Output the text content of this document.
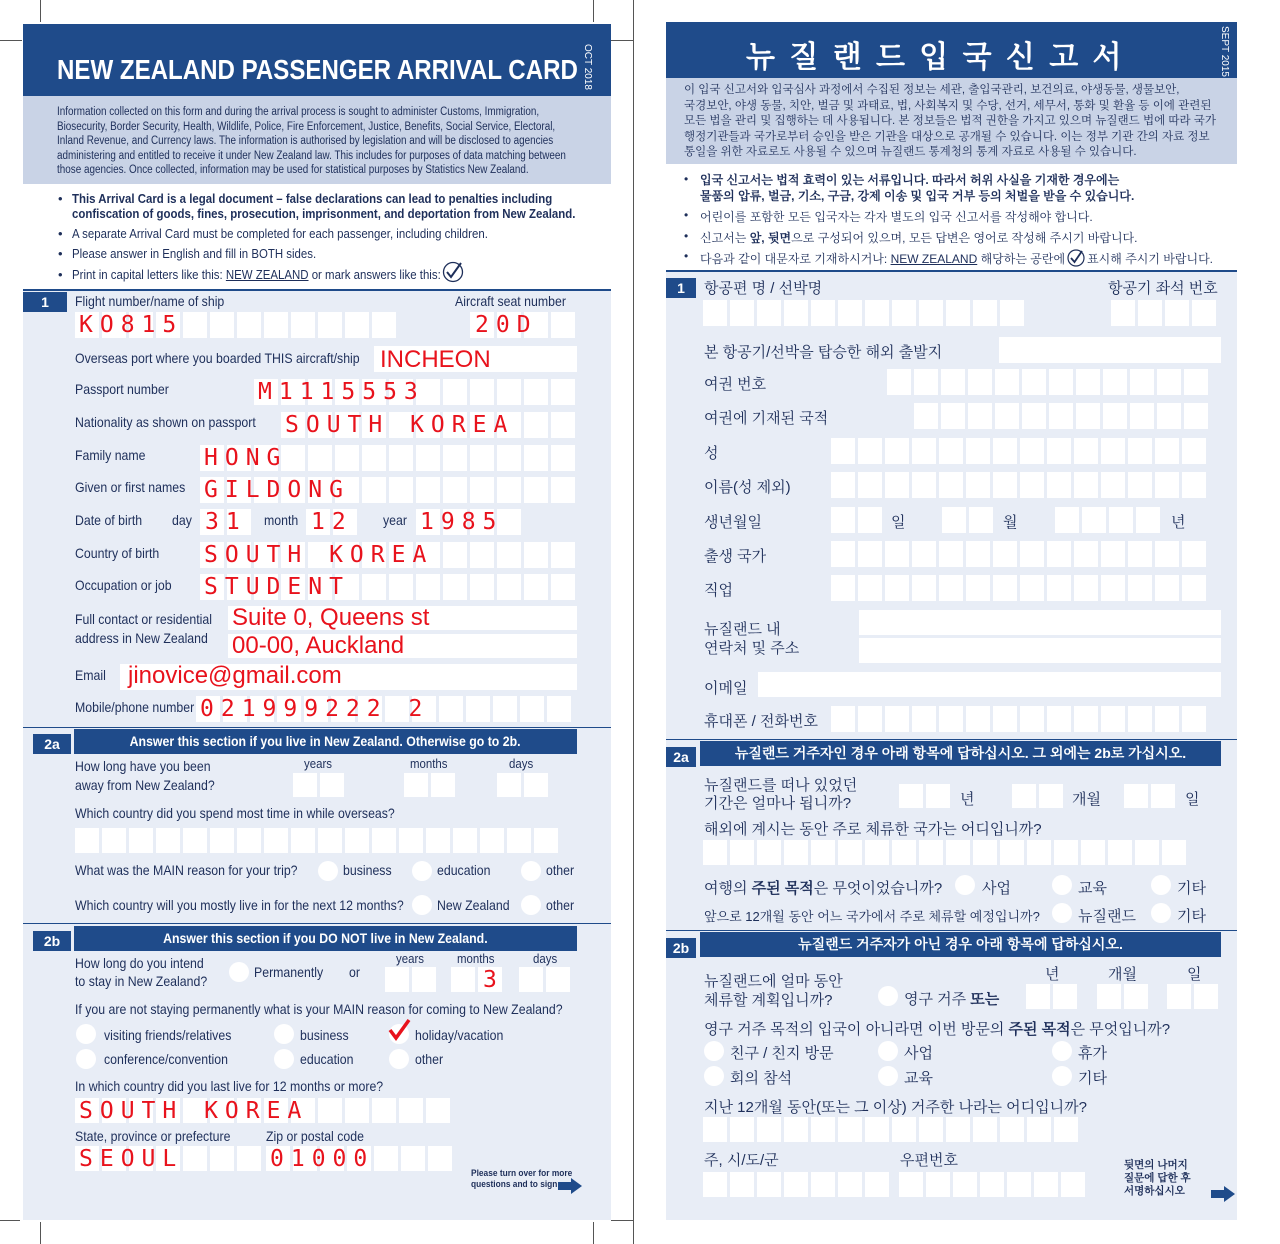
NEW ZEALAND PASSENGER ARRIVAL CARD OCT 2018
Information collected on this form and during the arrival process is sought to administer Customs, Immigration,
Biosecurity, Border Security, Health, Wildlife, Police, Fire Enforcement, Justice, Benefits, Social Service, Electoral,
Inland Revenue, and Currency laws. The information is authorised by legislation and will be disclosed to agencies
administering and entitled to receive it under New Zealand law. This includes for purposes of data matching between
those agencies. Once collected, information may be used for statistical purposes by Statistics New Zealand.
• This Arrival Card is a legal document – false declarations can lead to penalties including
confiscation of goods, fines, prosecution, imprisonment, and deportation from New Zealand.
• A separate Arrival Card must be completed for each passenger, including children.
• Please answer in English and fill in BOTH sides.
• Print in capital letters like this: NEW ZEALAND or mark answers like this:
1	Flight number/name of ship	Aircraft seat number
KO815	20D
Overseas port where you boarded THIS aircraft/ship INCHEON
Passport number	M1115553
Nationality as shown on passport SOUTH KOREA
Family name	HONG
Given or first names GILDONG
Date of birth day 31 month 12 year 1985
Country of birth SOUTH KOREA
Occupation or job STUDENT
Full contact or residential
address in New Zealand
Suite 0, Queens st
00-00, Auckland
Email jinovice@gmail.com
Mobile/phone number 021999222 2
2a	Answer this section if you live in New Zealand. Otherwise go to 2b.
How long have you been
away from New Zealand?
years	months	days
Which country did you spend most time in while overseas?
What was the MAIN reason for your trip?	business	education	other
Which country will you mostly live in for the next 12 months? New Zealand	other
2b	Answer this section if you DO NOT live in New Zealand.
How long do you intend
to stay in New Zealand?
Permanently or
years	months	days
3
If you are not staying permanently what is your MAIN reason for coming to New Zealand?
visiting friends/relatives	business	holiday/vacation
conference/convention	education	other
In which country did you last live for 12 months or more?
SOUTH KOREA
State, province or prefecture	Zip or postal code
SEOUL	01000
Please turn over for more
questions and to sign
뉴 질 랜 드 입 국 신 고 서	SEPT 2015
이 입국 신고서와 입국심사 과정에서 수집된 정보는 세관, 출입국관리, 보건의료, 야생동물, 생물보안,
국경보안, 야생 동물, 치안, 벌금 및 과태료, 법, 사회복지 및 수당, 선거, 세무서, 통화 및 환율 등 이에 관련된
모든 법을 관리 및 집행하는 데 사용됩니다. 본 정보들은 법적 권한을 가지고 있으며 뉴질랜드 법에 따라 국가
행정기관들과 국가로부터 승인을 받은 기관을 대상으로 공개될 수 있습니다. 이는 정부 기관 간의 자료 정보
통일을 위한 자료로도 사용될 수 있으며 뉴질랜드 통계청의 통계 자료로 사용될 수 있습니다.
• 입국 신고서는 법적 효력이 있는 서류입니다. 따라서 허위 사실을 기재한 경우에는
물품의 압류, 벌금, 기소, 구금, 강제 이송 및 입국 거부 등의 처벌을 받을 수 있습니다.
• 어린이를 포함한 모든 입국자는 각자 별도의 입국 신고서를 작성해야 합니다.
• 신고서는 앞, 뒷면으로 구성되어 있으며, 모든 답변은 영어로 작성해 주시기 바랍니다.
• 다음과 같이 대문자로 기재하시거나: NEW ZEALAND 해당하는 공란에 표시해 주시기 바랍니다.
1	항공편 명 / 선박명	항공기 좌석 번호
본 항공기/선박을 탑승한 해외 출발지
여권 번호
여권에 기재된 국적
성
이름(성 제외)
생년월일	일	월	년
출생 국가
직업
뉴질랜드 내
연락처 및 주소
이메일
휴대폰 / 전화번호
2a	뉴질랜드 거주자인 경우 아래 항목에 답하십시오. 그 외에는 2b로 가십시오.
뉴질랜드를 떠나 있었던
기간은 얼마나 됩니까?	년	개월	일
해외에 계시는 동안 주로 체류한 국가는 어디입니까?
여행의 주된 목적은 무엇이었습니까?	사업	교육	기타
앞으로 12개월 동안 어느 국가에서 주로 체류할 예정입니까?	뉴질랜드	기타
2b	뉴질랜드 거주자가 아닌 경우 아래 항목에 답하십시오.
뉴질랜드에 얼마 동안
체류할 계획입니까?	영구 거주 또는
년	개월	일
영구 거주 목적의 입국이 아니라면 이번 방문의 주된 목적은 무엇입니까?
친구 / 친지 방문	사업	휴가
회의 참석	교육	기타
지난 12개월 동안(또는 그 이상) 거주한 나라는 어디입니까?
주, 시/도/군	우편번호	뒷면의 나머지
질문에 답한 후
서명하십시오
